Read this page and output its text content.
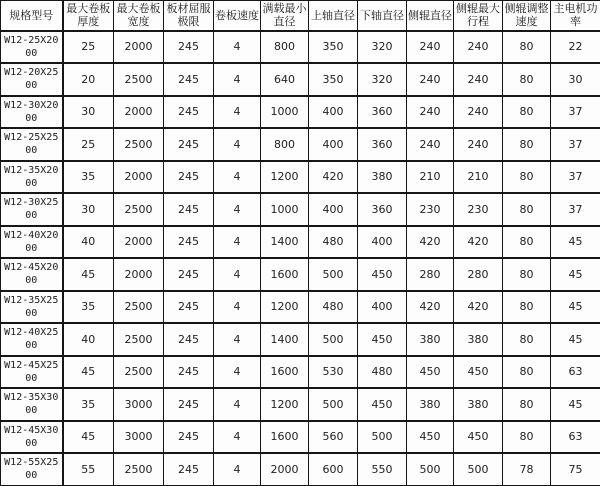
规格型号	最大卷板厚度	最大卷板宽度	板材屈服极限	卷板速度	满载最小直径	上轴直径	下轴直径	侧辊直径	侧辊最大行程	侧辊调整速度	主电机功率
W12-25X2000	25	2000	245	4	800	350	320	240	240	80	22
W12-20X2500	20	2500	245	4	640	350	320	240	240	80	30
W12-30X2000	30	2000	245	4	1000	400	360	240	240	80	37
W12-25X2500	25	2500	245	4	800	400	360	240	240	80	37
W12-35X2000	35	2000	245	4	1200	420	380	210	210	80	37
W12-30X2500	30	2500	245	4	1000	400	360	230	230	80	37
W12-40X2000	40	2000	245	4	1400	480	400	420	420	80	45
W12-45X2000	45	2000	245	4	1600	500	450	280	280	80	45
W12-35X2500	35	2500	245	4	1200	480	400	420	420	80	45
W12-40X2500	40	2500	245	4	1400	500	450	380	380	80	45
W12-45X2500	45	2500	245	4	1600	530	480	450	450	80	63
W12-35X3000	35	3000	245	4	1200	500	450	380	380	80	45
W12-45X3000	45	3000	245	4	1600	560	500	450	450	80	63
W12-55X2500	55	2500	245	4	2000	600	550	500	500	78	75
